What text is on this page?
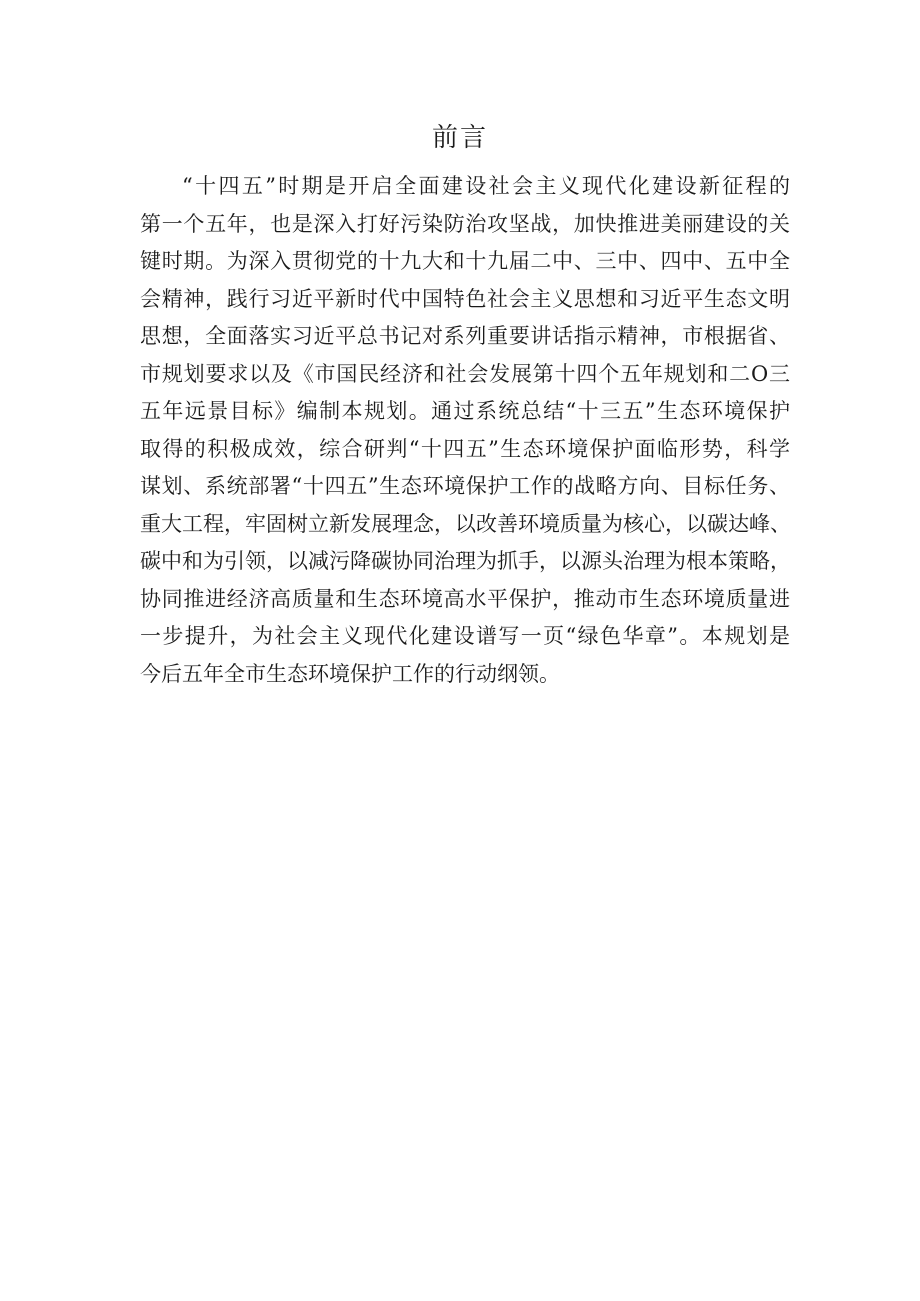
前言
“十四五”时期是开启全面建设社会主义现代化建设新征程的
第一个五年，也是深入打好污染防治攻坚战，加快推进美丽建设的关
键时期。为深入贯彻党的十九大和十九届二中、三中、四中、五中全
会精神，践行习近平新时代中国特色社会主义思想和习近平生态文明
思想，全面落实习近平总书记对系列重要讲话指示精神，市根据省、
市规划要求以及《市国民经济和社会发展第十四个五年规划和二O三
五年远景目标》编制本规划。通过系统总结“十三五”生态环境保护
取得的积极成效，综合研判“十四五”生态环境保护面临形势，科学
谋划、系统部署“十四五”生态环境保护工作的战略方向、目标任务、
重大工程，牢固树立新发展理念，以改善环境质量为核心，以碳达峰、
碳中和为引领，以减污降碳协同治理为抓手，以源头治理为根本策略，
协同推进经济高质量和生态环境高水平保护，推动市生态环境质量进
一步提升，为社会主义现代化建设谱写一页“绿色华章”。本规划是
今后五年全市生态环境保护工作的行动纲领。
